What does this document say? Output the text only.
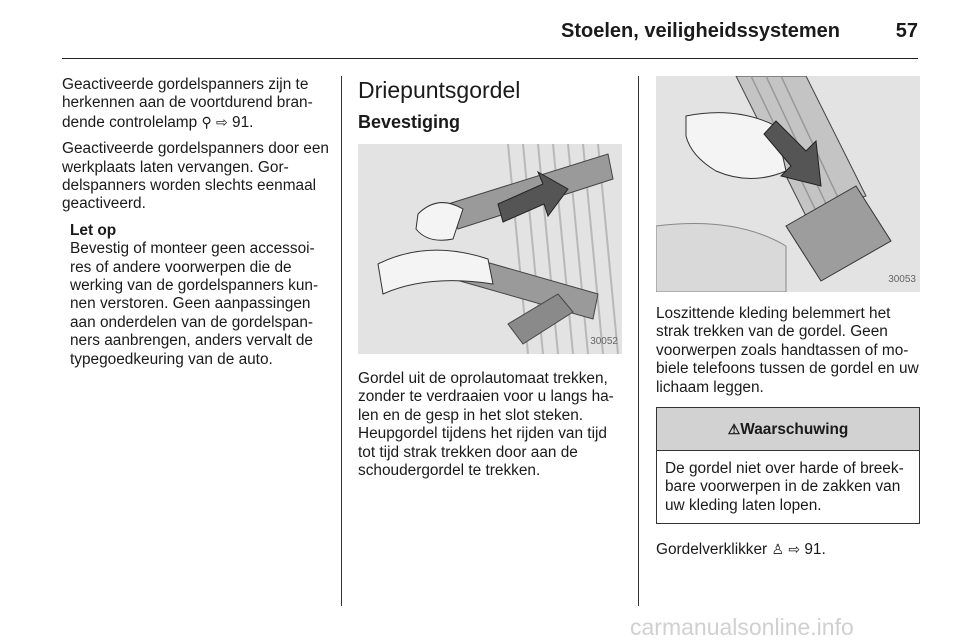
Stoelen, veiligheidssystemen	57

Geactiveerde gordelspanners zijn te herkennen aan de voortdurend bran-dende controlelamp ⚲ ⇨ 91.

Geactiveerde gordelspanners door een werkplaats laten vervangen. Gor-delspanners worden slechts eenmaal geactiveerd.

Let op
Bevestig of monteer geen accessoi-res of andere voorwerpen die de werking van de gordelspanners kun-nen verstoren. Geen aanpassingen aan onderdelen van de gordelspan-ners aanbrengen, anders vervalt de typegoedkeuring van de auto.
Driepuntsgordel
Bevestiging
30052

Gordel uit de oprolautomaat trekken, zonder te verdraaien voor u langs ha-len en de gesp in het slot steken. Heupgordel tijdens het rijden van tijd tot tijd strak trekken door aan de schoudergordel te trekken.

30053

Loszittende kleding belemmert het strak trekken van de gordel. Geen voorwerpen zoals handtassen of mo-biele telefoons tussen de gordel en uw lichaam leggen.

⚠Waarschuwing
De gordel niet over harde of breek-bare voorwerpen in de zakken van uw kleding laten lopen.

Gordelverklikker ♙ ⇨ 91.

carmanualsonline.info
